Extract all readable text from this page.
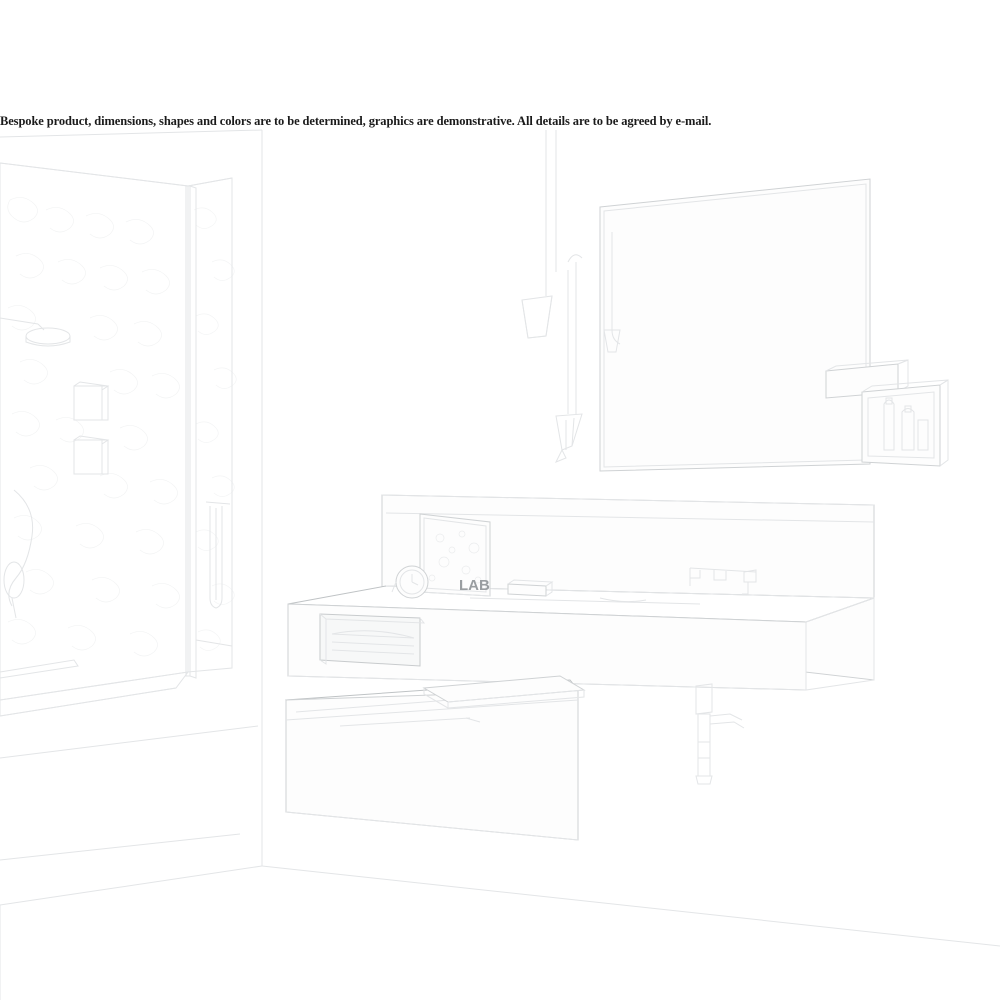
Bespoke product, dimensions, shapes and colors are to be determined, graphics are demonstrative. All details are to be agreed by e-mail.
LAB
